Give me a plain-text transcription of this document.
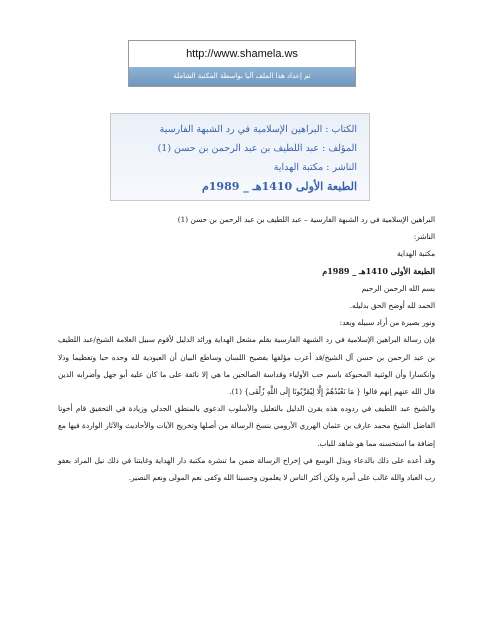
http://www.shamela.ws
تم إعداد هذا الملف آليا بواسطة المكتبة الشاملة
الكتاب : البراهين الإسلامية في رد الشبهة الفارسية
المؤلف : عبد اللطيف بن عبد الرحمن بن حسن (1)
الناشر : مكتبة الهداية
الطبعة الأولى 1410هـ _ 1989م

البراهين الإسلامية في رد الشبهة الفارسية – عبد اللطيف بن عبد الرحمن بن حسن (1)

الناشر:

مكتبة الهداية

الطبعة الأولى 1410هـ _ 1989م

بسم الله الرحمن الرحيم

الحمد لله أوضح الحق بدليله.

ونور بصيرة من أراد سبيله وبعد:

فإن رسالة البراهين الإسلامية في رد الشبهة الفارسية بقلم مشعل الهداية ورائد الدليل لأقوم سبيل العلامة الشيخ/عبد اللطيف بن عبد الرحمن بن حسن آل الشيخ/قد أعرب مؤلفها بفصيح اللسان وساطع البيان أن العبودية لله وحده حبا وتعظيما وذلا وانكسارا وأن الوثنية المحبوكة باسم حب الأولياء وقداسة الصالحين ما هي إلا نائفة على ما كان عليه أبو جهل وأضرابه الذين قال الله عنهم إنهم قالوا { مَا نَعْبُدُهُمْ إِلَّا لِيُقَرِّبُونَا إِلَى اللَّهِ زُلْفَى} (1).

والشيخ عبد اللطيف في ردوده هذه يقرن الدليل بالتعليل والأسلوب الدعوي بالمنطق الجدلي وزيادة في التحقيق قام أخونا الفاضل الشيخ محمد عارف بن عثمان الهرري الأرومي بنسخ الرسالة من أصلها وتخريج الآيات والأحاديث والآثار الواردة فيها مع إضافة ما استحسنه مما هو شاهد للباب.

وقد أعده على ذلك بالدعاء وبذل الوسع في إخراج الرسالة ضمن ما تنشره مكتبة دار الهداية وغايتنا في ذلك نيل المراد بعفو رب العباد والله غالب على أمره ولكن أكثر الناس لا يعلمون وحسبنا الله وكفى نعم المولى ونعم النصير.
